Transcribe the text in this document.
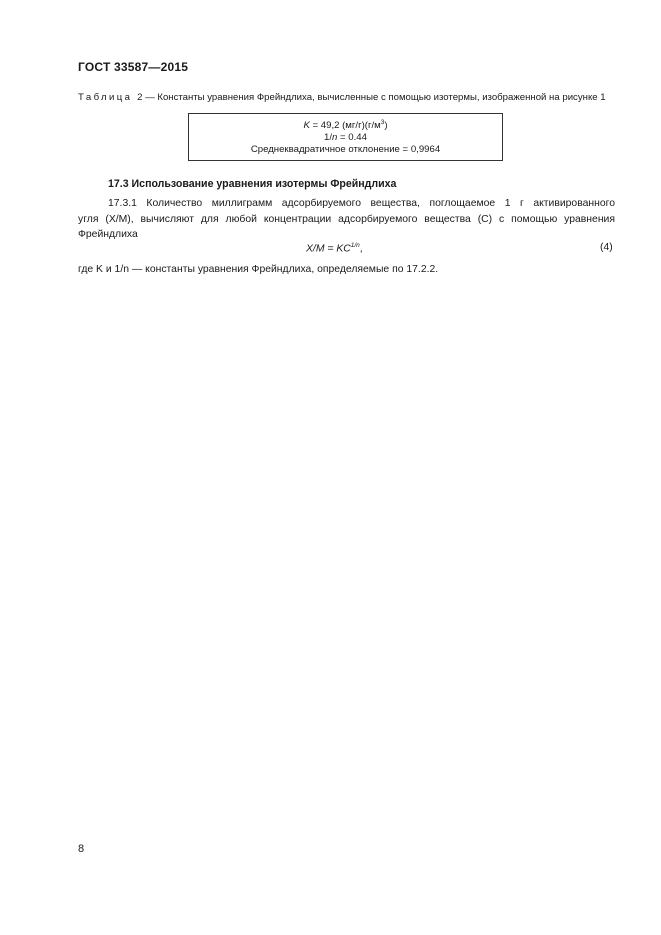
ГОСТ 33587—2015
Таблица 2 — Константы уравнения Фрейндлиха, вычисленные с помощью изотермы, изображенной на рисунке 1
K = 49,2 $(мг/г)(г/м^3)$
1/n = 0.44
Среднеквадратичное отклонение = 0,9964
17.3 Использование уравнения изотермы Фрейндлиха
17.3.1 Количество миллиграмм адсорбируемого вещества, поглощаемое 1 г активированного
угля (X/M), вычисляют для любой концентрации адсорбируемого вещества (C) с помощью уравнения
Фрейндлиха
$X/M = KC^{1/n}$,	(4)
где K и 1/n — константы уравнения Фрейндлиха, определяемые по 17.2.2.
8
